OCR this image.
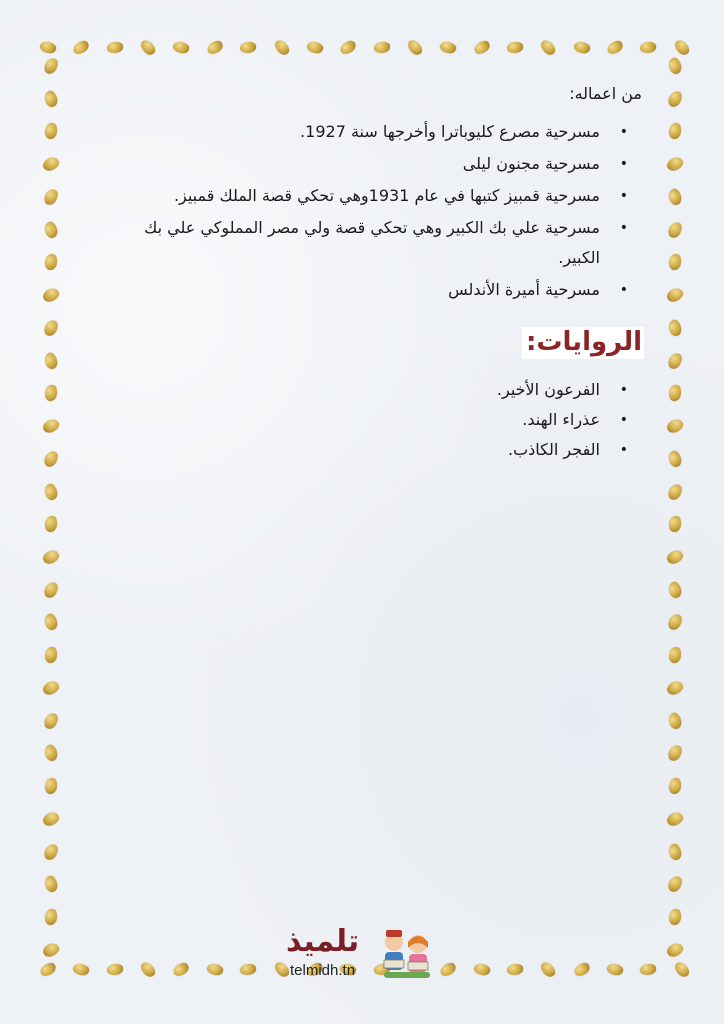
من اعماله:

• مسرحية مصرع كليوباترا وأخرجها سنة 1927.
• مسرحية مجنون ليلى
• مسرحية قمبيز كتبها في عام 1931وهي تحكي قصة الملك قمبيز.
• مسرحية علي بك الكبير وهي تحكي قصة ولي مصر المملوكي علي بك الكبير.
• مسرحية أميرة الأندلس
الروايات:
• الفرعون الأخير.
• عذراء الهند.
• الفجر الكاذب.
تلميذ
telmidh.tn
